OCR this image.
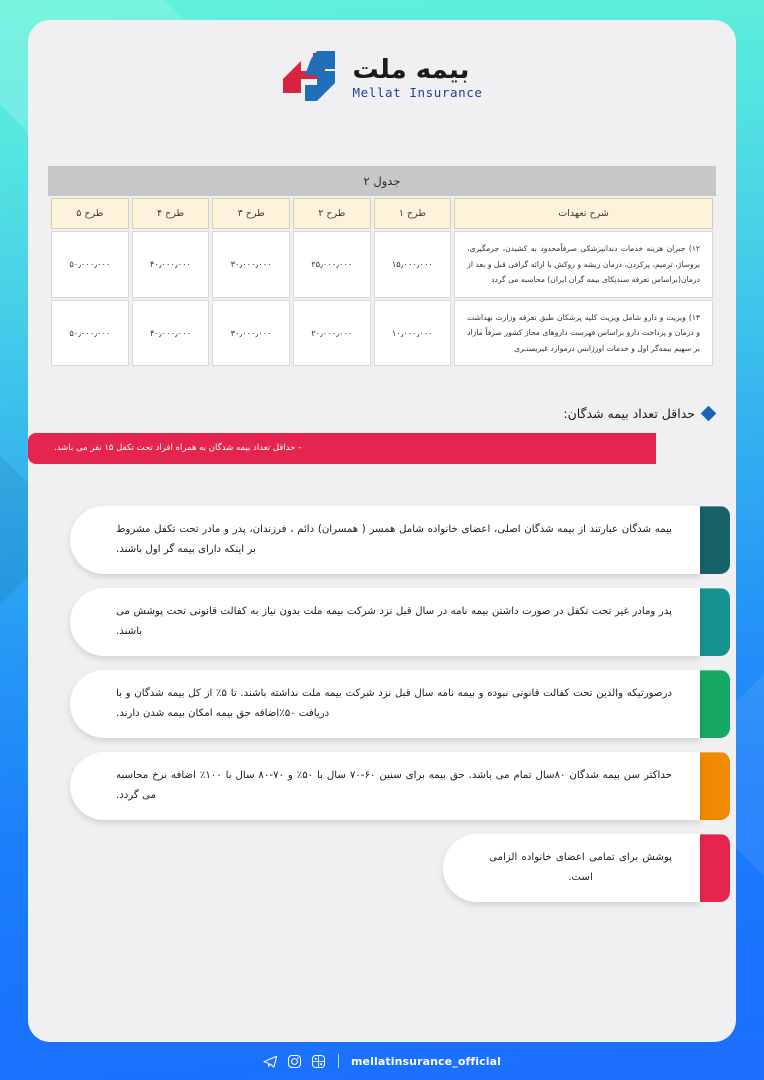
بیمه ملت
Mellat Insurance
جدول ۲
شرح تعهدات	طرح ۱	طرح ۲	طرح ۳	طرح ۴	طرح ۵
۱۲) جبران هزینه خدمات دندانپزشکی صرفاًمحدود به کشیدن، جرمگیری، بروساژ، ترمیم، پرکردن، درمان ریشه و روکش با ارائه گرافی قبل و بعد از درمان(براساس تعرفه سندیکای بیمه گران ایران) محاسبه می گردد	۱۵٫۰۰۰٫۰۰۰	۲۵٫۰۰۰٫۰۰۰	۳۰٫۰۰۰٫۰۰۰	۴۰٫۰۰۰٫۰۰۰	۵۰٫۰۰۰٫۰۰۰
۱۳) ویزیت و دارو شامل ویزیت کلیه پزشکان طبق تعرفه وزارت بهداشت و درمان و پرداخت دارو براساس فهرست داروهای مجاز کشور صرفاً مازاد بر سهیم بیمه‌گر اول و خدمات اورژانس درموارد غیربستـری	۱۰٫۰۰۰٫۰۰۰	۲۰٫۰۰۰٫۰۰۰	۳۰٫۰۰۰٫۰۰۰	۴۰٫۰۰۰٫۰۰۰	۵۰٫۰۰۰٫۰۰۰
حداقل تعداد بیمه شدگان:
- حداقل تعداد بیمه شدگان به همراه افراد تحت تکفل ۱۵ نفر می باشد.

بیمه شدگان عبارتند از بیمه شدگان اصلی، اعضای خانواده شامل همسر ( همسران) دائم ، فرزندان، پدر و مادر تحت تکفل مشروط بر اینکه دارای بیمه گر اول باشند.

پدر ومادر غیر تحت تکفل در صورت داشتن بیمه نامه در سال قبل نزد شرکت بیمه ملت بدون نیاز به کفالت قانونی تحت پوشش می باشند.

درصورتیکه والدین تحت کفالت قانونی نبوده و بیمه نامه سال قبل نزد شرکت بیمه ملت نداشته باشند. تا ۵٪ از کل بیمه شدگان و با دریافت ۵۰٪اضافه حق بیمه امکان بیمه شدن دارند.

حداکثر سن بیمه شدگان ۸۰سال تمام می باشد. حق بیمه برای سنین ۶۰-۷۰ سال با ۵۰٪ و ۷۰-۸۰ سال با ۱۰۰٪ اضافه نرخ محاسبه می گردد.

پوشش برای تمامی اعضای خانواده الزامی است.

mellatinsurance_official
